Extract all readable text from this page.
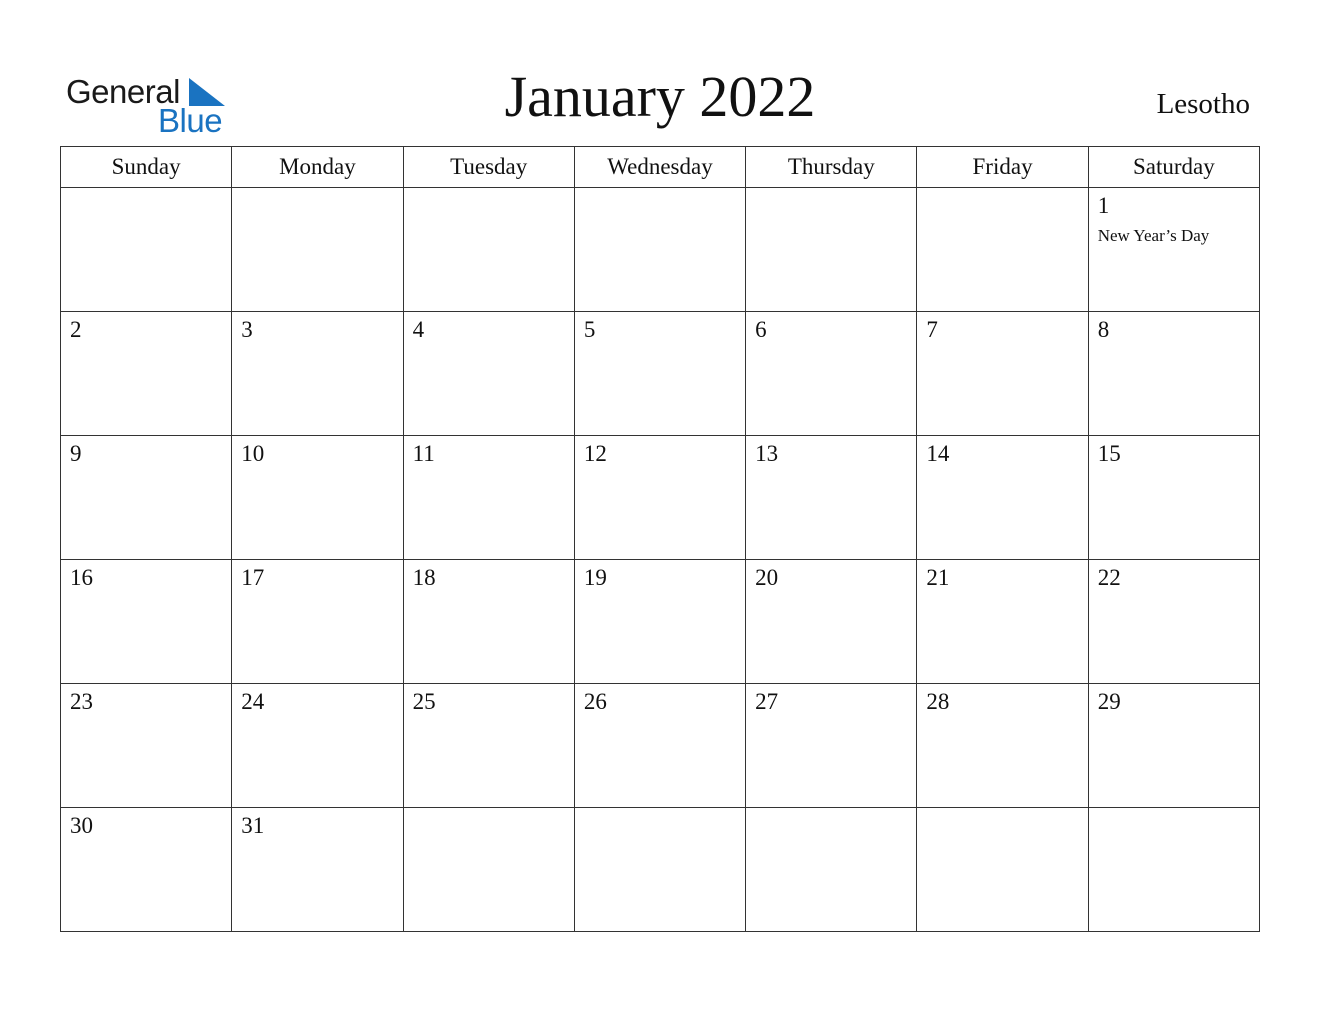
General
Blue	January 2022	Lesotho
Sunday	Monday	Tuesday	Wednesday	Thursday	Friday	Saturday

						1
New Year’s Day

2	3	4	5	6	7	8

9	10	11	12	13	14	15

16	17	18	19	20	21	22

23	24	25	26	27	28	29

30	31					
